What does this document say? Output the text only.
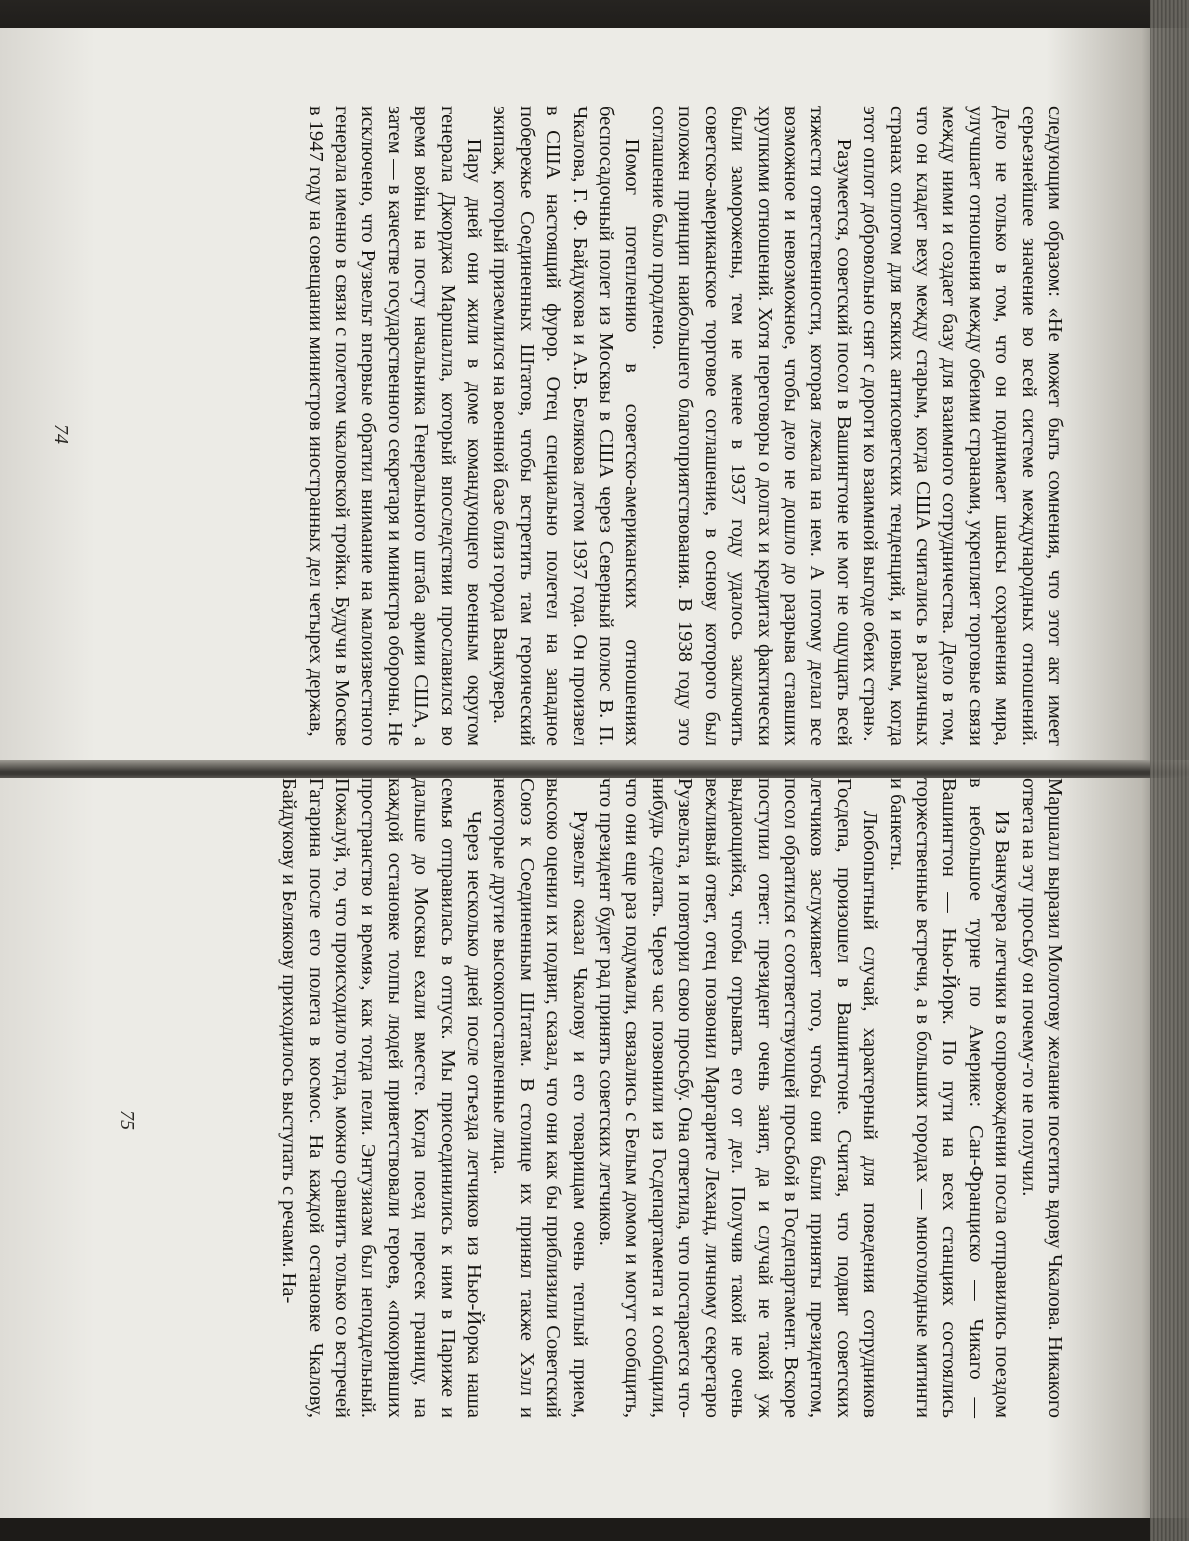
следующим образом: «Не может быть сомнения, что этот акт имеет серьезнейшее значение во всей системе международных отношений. Дело не только в том, что он поднимает шансы сохранения мира, улучшает отношения между обеими странами, укрепляет торговые связи между ними и создает базу для взаимного сотрудничества. Дело в том, что он кладет веху между старым, когда США считались в различных странах оплотом для всяких антисоветских тенденций, и новым, когда этот оплот добровольно снят с дороги ко взаимной выгоде обеих стран».

Разумеется, советский посол в Вашингтоне не мог не ощущать всей тяжести ответственности, которая лежала на нем. А потому делал все возможное и невозможное, чтобы дело не дошло до разрыва ставших хрупкими отношений. Хотя переговоры о долгах и кредитах фактически были заморожены, тем не менее в 1937 году удалось заключить советско-американское торговое соглашение, в основу которого был положен принцип наибольшего благоприятствования. В 1938 году это соглашение было продлено.

Помог потеплению в советско-американских отношениях беспосадочный полет из Москвы в США через Северный полюс В. П. Чкалова, Г. Ф. Байдукова и А.В. Белякова летом 1937 года. Он произвел в США настоящий фурор. Отец специально полетел на западное побережье Соединенных Штатов, чтобы встретить там героический экипаж, который приземлился на военной базе близ города Ванкувера.

Пару дней они жили в доме командующего военным округом генерала Джорджа Маршалла, который впоследствии прославился во время войны на посту начальника Генерального штаба армии США, а затем — в качестве государственного секретаря и министра обороны. Не исключено, что Рузвельт впервые обратил внимание на малоизвестного генерала именно в связи с полетом чкаловской тройки. Будучи в Москве в 1947 году на совещании министров иностранных дел четырех держав,

74

Маршалл выразил Молотову желание посетить вдову Чкалова. Никакого ответа на эту просьбу он почему-то не получил.

Из Ванкувера летчики в сопровождении посла отправились поездом в небольшое турне по Америке: Сан-Франциско — Чикаго — Вашингтон — Нью-Йорк. По пути на всех станциях состоялись торжественные встречи, а в больших городах — многолюдные митинги и банкеты.

Любопытный случай, характерный для поведения сотрудников Госдепа, произошел в Вашингтоне. Считая, что подвиг советских летчиков заслуживает того, чтобы они были приняты президентом, посол обратился с соответствующей просьбой в Госдепартамент. Вскоре поступил ответ: президент очень занят, да и случай не такой уж выдающийся, чтобы отрывать его от дел. Получив такой не очень вежливый ответ, отец позвонил Маргарите Леханд, личному секретарю Рузвельта, и повторил свою просьбу. Она ответила, что постарается что-нибудь сделать. Через час позвонили из Госдепартамента и сообщили, что они еще раз подумали, связались с Белым домом и могут сообщить, что президент будет рад принять советских летчиков.

Рузвельт оказал Чкалову и его товарищам очень теплый прием, высоко оценил их подвиг, сказал, что они как бы приблизили Советский Союз к Соединенным Штатам. В столице их принял также Хэлл и некоторые другие высокопоставленные лица.

Через несколько дней после отъезда летчиков из Нью-Йорка наша семья отправилась в отпуск. Мы присоединились к ним в Париже и дальше до Москвы ехали вместе. Когда поезд пересек границу, на каждой остановке толпы людей приветствовали героев, «покоривших пространство и время», как тогда пели. Энтузиазм был неподдельный. Пожалуй, то, что происходило тогда, можно сравнить только со встречей Гагарина после его полета в космос. На каждой остановке Чкалову, Байдукову и Белякову приходилось выступать с речами. На-

75
